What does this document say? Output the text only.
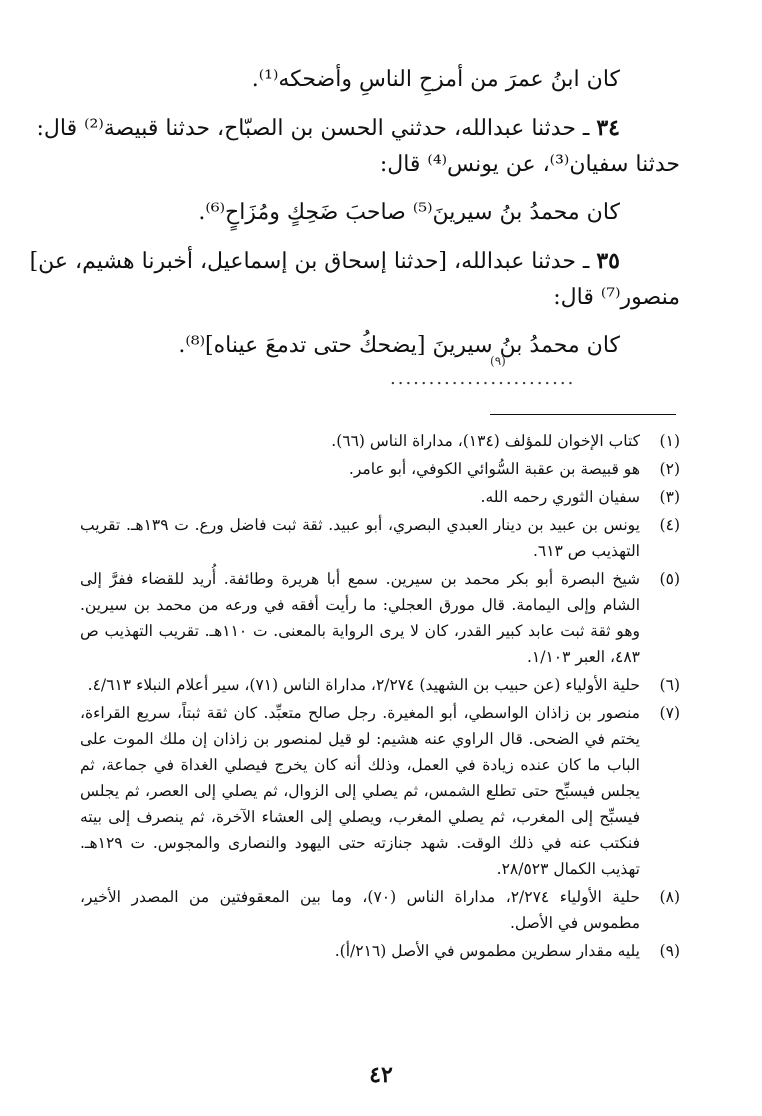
كان ابنُ عمرَ من أمزحِ الناسِ وأضحكه⁽¹⁾.
٣٤ ـ حدثنا عبدالله، حدثني الحسن بن الصبّاح، حدثنا قبيصة⁽²⁾ قال:
حدثنا سفيان⁽³⁾، عن يونس⁽⁴⁾ قال:
كان محمدُ بنُ سيرينَ⁽⁵⁾ صاحبَ ضَحِكٍ ومُزَاحٍ⁽⁶⁾.
٣٥ ـ حدثنا عبدالله، [حدثنا إسحاق بن إسماعيل، أخبرنا هشيم، عن]
منصور⁽⁷⁾ قال:
كان محمدُ بنُ سيرينَ [يضحكُ حتى تدمعَ عيناه]⁽⁸⁾.
(٩)
........................
(١)
كتاب الإخوان للمؤلف (١٣٤)، مداراة الناس (٦٦).
(٢)
هو قبيصة بن عقبة السُّوائي الكوفي، أبو عامر.
(٣)
سفيان الثوري رحمه الله.
(٤)
يونس بن عبيد بن دينار العبدي البصري، أبو عبيد. ثقة ثبت فاضل ورع. ت ١٣٩هـ. تقريب التهذيب ص ٦١٣.
(٥)
شيخ البصرة أبو بكر محمد بن سيرين. سمع أبا هريرة وطائفة. أُريد للقضاء ففرَّ إلى الشام وإلى اليمامة. قال مورق العجلي: ما رأيت أفقه في ورعه من محمد بن سيرين. وهو ثقة ثبت عابد كبير القدر، كان لا يرى الرواية بالمعنى. ت ١١٠هـ. تقريب التهذيب ص ٤٨٣، العبر ١/١٠٣.
(٦)
حلية الأولياء (عن حبيب بن الشهيد) ٢/٢٧٤، مداراة الناس (٧١)، سير أعلام النبلاء ٤/٦١٣.
(٧)
منصور بن زاذان الواسطي، أبو المغيرة. رجل صالح متعبِّد. كان ثقة ثبتاً، سريع القراءة، يختم في الضحى. قال الراوي عنه هشيم: لو قيل لمنصور بن زاذان إن ملك الموت على الباب ما كان عنده زيادة في العمل، وذلك أنه كان يخرج فيصلي الغداة في جماعة، ثم يجلس فيسبِّح حتى تطلع الشمس، ثم يصلي إلى الزوال، ثم يصلي إلى العصر، ثم يجلس فيسبِّح إلى المغرب، ثم يصلي المغرب، ويصلي إلى العشاء الآخرة، ثم ينصرف إلى بيته فنكتب عنه في ذلك الوقت. شهد جنازته حتى اليهود والنصارى والمجوس. ت ١٢٩هـ. تهذيب الكمال ٢٨/٥٢٣.
(٨)
حلية الأولياء ٢/٢٧٤، مداراة الناس (٧٠)، وما بين المعقوفتين من المصدر الأخير، مطموس في الأصل.
(٩)
يليه مقدار سطرين مطموس في الأصل (٢١٦/أ).
٤٢
